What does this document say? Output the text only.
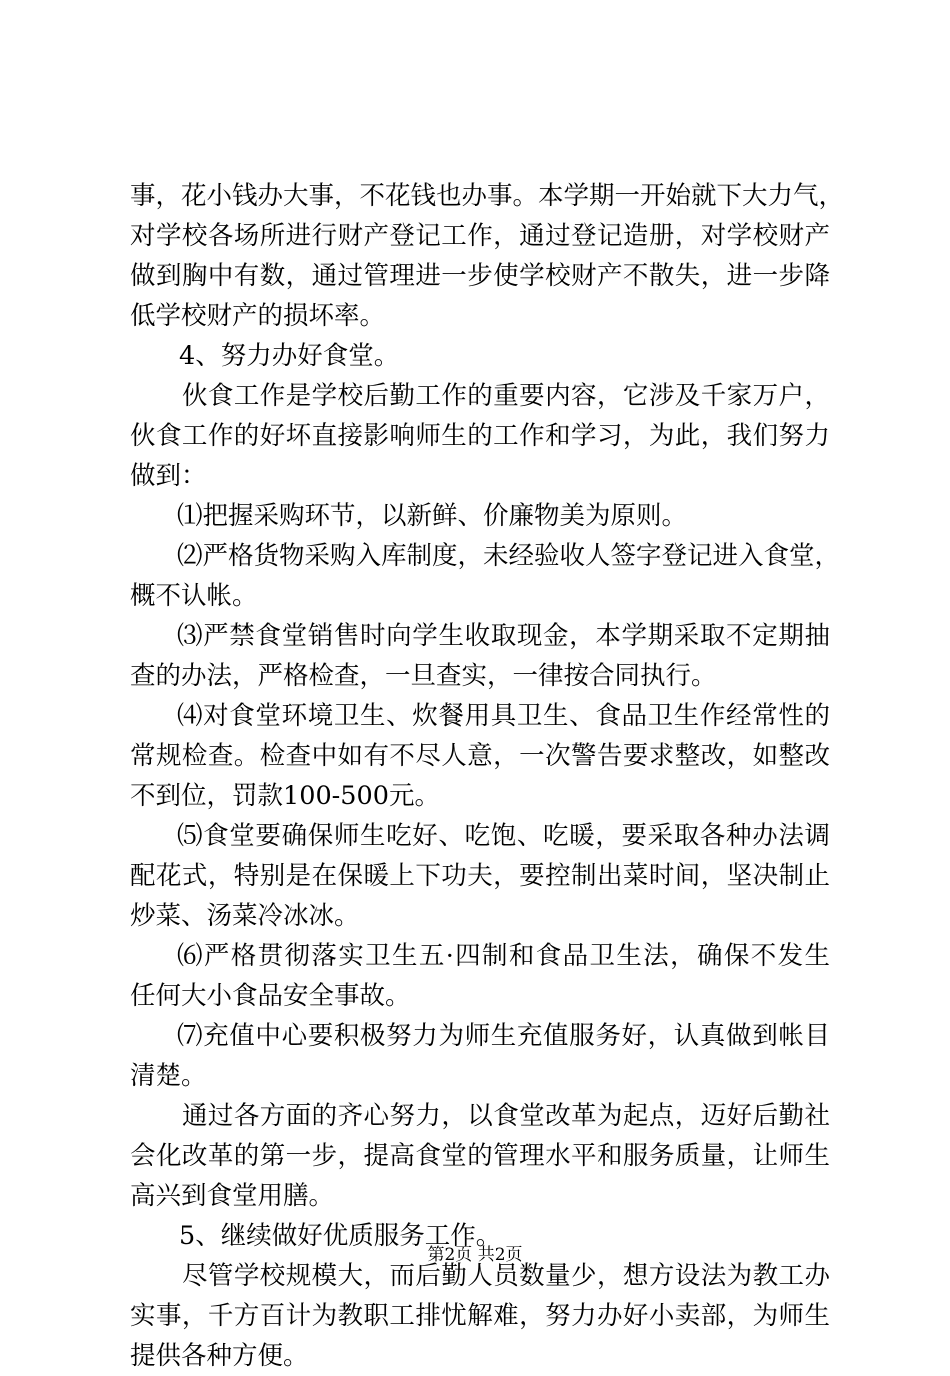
事，花小钱办大事，不花钱也办事。本学期一开始就下大力气，
对学校各场所进行财产登记工作，通过登记造册，对学校财产
做到胸中有数，通过管理进一步使学校财产不散失，进一步降
低学校财产的损坏率。
4、努力办好食堂。
伙食工作是学校后勤工作的重要内容，它涉及千家万户，
伙食工作的好坏直接影响师生的工作和学习，为此，我们努力
做到：
⑴把握采购环节，以新鲜、价廉物美为原则。
⑵严格货物采购入库制度，未经验收人签字登记进入食堂，
概不认帐。
⑶严禁食堂销售时向学生收取现金，本学期采取不定期抽
查的办法，严格检查，一旦查实，一律按合同执行。
⑷对食堂环境卫生、炊餐用具卫生、食品卫生作经常性的
常规检查。检查中如有不尽人意，一次警告要求整改，如整改
不到位，罚款100-500元。
⑸食堂要确保师生吃好、吃饱、吃暖，要采取各种办法调
配花式，特别是在保暖上下功夫，要控制出菜时间，坚决制止
炒菜、汤菜冷冰冰。
⑹严格贯彻落实卫生五·四制和食品卫生法，确保不发生
任何大小食品安全事故。
⑺充值中心要积极努力为师生充值服务好，认真做到帐目
清楚。
通过各方面的齐心努力，以食堂改革为起点，迈好后勤社
会化改革的第一步，提高食堂的管理水平和服务质量，让师生
高兴到食堂用膳。
5、继续做好优质服务工作。
尽管学校规模大，而后勤人员数量少，想方设法为教工办
实事，千方百计为教职工排忧解难，努力办好小卖部，为师生
提供各种方便。
第2页 共2页
